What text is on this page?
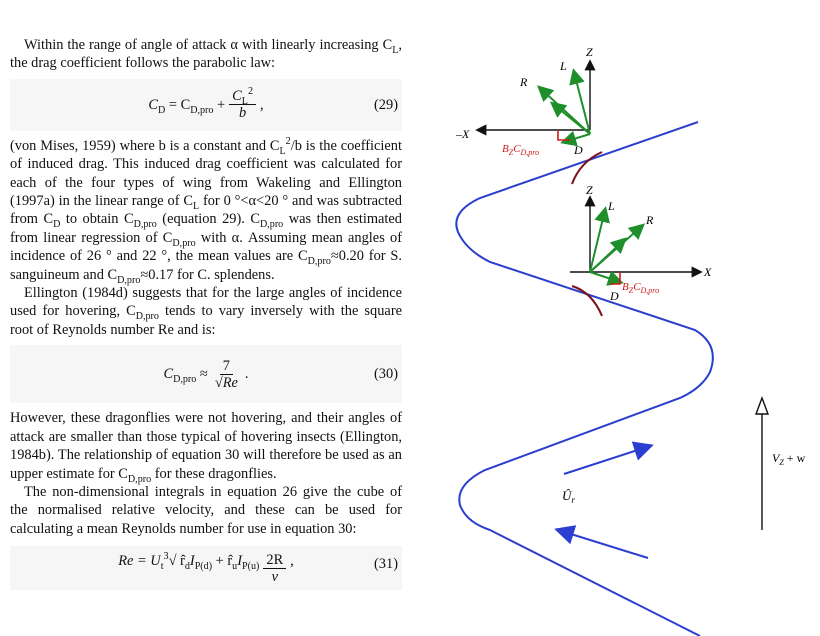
Within the range of angle of attack α with linearly increasing $C_L$, the drag coefficient follows the parabolic law:

$C_D = C_{D,pro} + \frac{C_L^2}{b}$ ,	(29)

(von Mises, 1959) where b is a constant and $C_L^2/b$ is the coefficient of induced drag. This induced drag coefficient was calculated for each of the four types of wing from Wakeling and Ellington (1997a) in the linear range of $C_L$ for 0 °<α<20 ° and was subtracted from $C_D$ to obtain $C_{D,pro}$ (equation 29). $C_{D,pro}$ was then estimated from linear regression of $C_{D,pro}$ with α. Assuming mean angles of incidence of 26 ° and 22 °, the mean values are $C_{D,pro}\approx 0.20$ for S. sanguineum and $C_{D,pro}\approx 0.17$ for C. splendens.

Ellington (1984d) suggests that for the large angles of incidence used for hovering, $C_{D,pro}$ tends to vary inversely with the square root of Reynolds number Re and is:

$C_{D,pro} \approx \frac{7}{√Re}$ .	(30)

However, these dragonflies were not hovering, and their angles of attack are smaller than those typical of hovering insects (Ellington, 1984b). The relationship of equation 30 will therefore be used as an upper estimate for $C_{D,pro}$ for these dragonflies.

The non-dimensional integrals in equation 26 give the cube of the normalised relative velocity, and these can be used for calculating a mean Reynolds number for use in equation 30:

$Re = U_t^3√$ $r̂_dI_{P(d)}$ + $r̂_uI_{P(u)} \frac{2R}{\nu}$ ,	(31)
Z
L
R
–X
$B_ZC_{D,pro}$	D
Z
L
R
X
$B_ZC_{D,pro}$
D
$Û_r$
$V_Z + w$
